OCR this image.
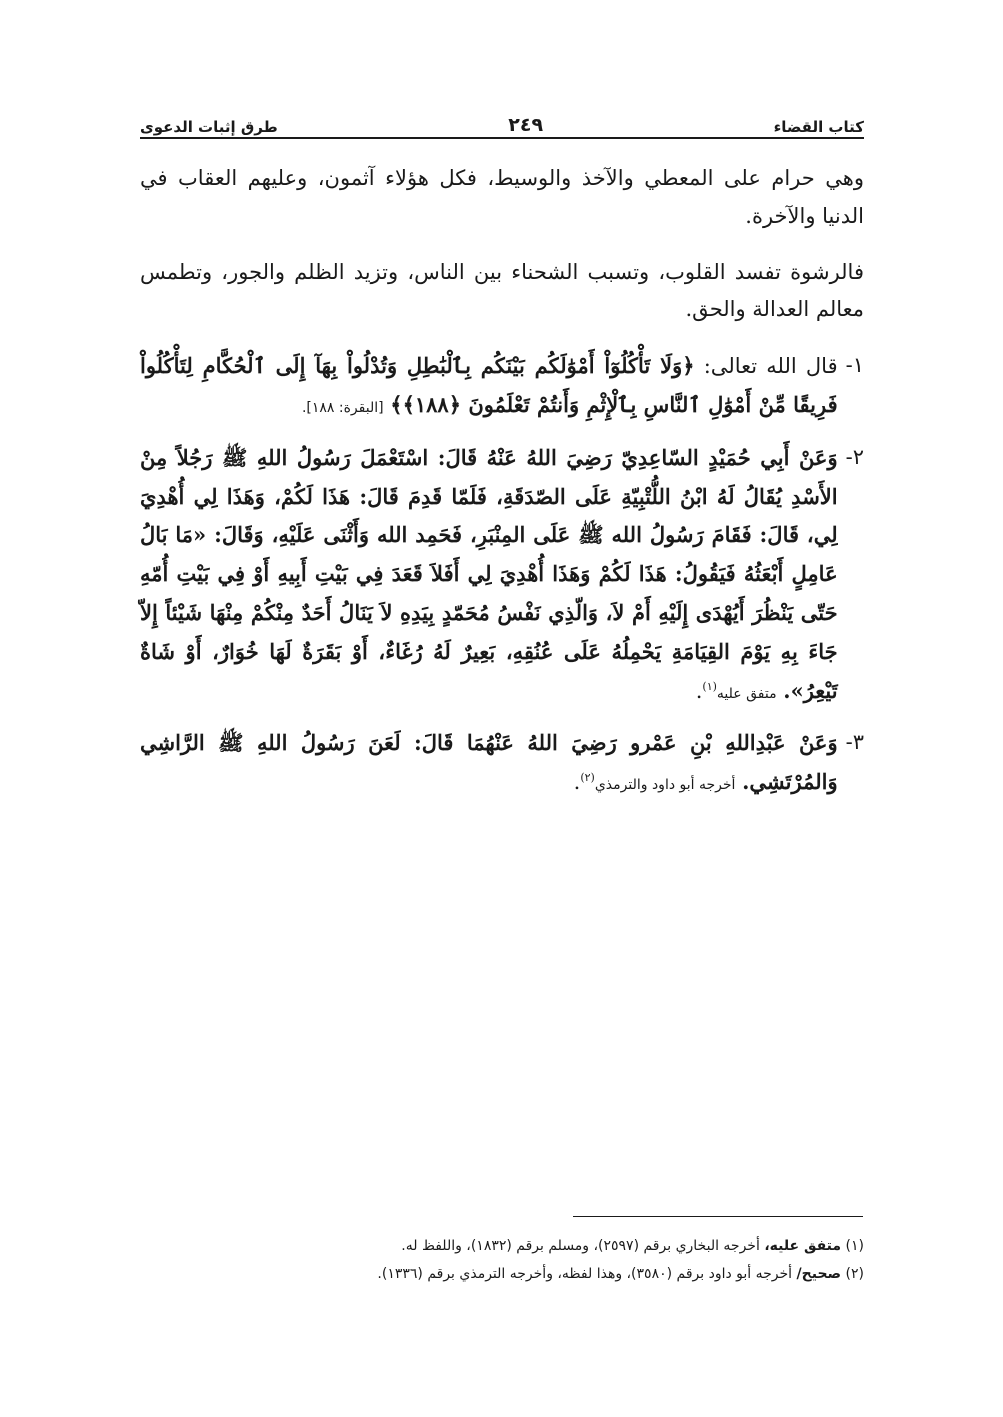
كتاب القضاء
٢٤٩
طرق إثبات الدعوى

وهي حرام على المعطي والآخذ والوسيط، فكل هؤلاء آثمون، وعليهم العقاب في الدنيا والآخرة.

فالرشوة تفسد القلوب، وتسبب الشحناء بين الناس، وتزيد الظلم والجور، وتطمس معالم العدالة والحق.

١-
قال الله تعالى: ﴿وَلَا تَأْكُلُوٓاْ أَمْوَٰلَكُم بَيْنَكُم بِٱلْبَٰطِلِ وَتُدْلُواْ بِهَآ إِلَى ٱلْحُكَّامِ لِتَأْكُلُواْ فَرِيقًا مِّنْ أَمْوَٰلِ ٱلنَّاسِ بِٱلْإِثْمِ وَأَنتُمْ تَعْلَمُونَ ﴿١٨٨﴾﴾ [البقرة: ١٨٨].
٢-
وَعَنْ أَبِي حُمَيْدٍ السّاعِدِيّ رَضِيَ اللهُ عَنْهُ قَالَ: اسْتَعْمَلَ رَسُولُ اللهِ ﷺ رَجُلاً مِنْ الأَسْدِ يُقَالُ لَهُ ابْنُ اللُّتْبِيّةِ عَلَى الصّدَقَةِ، فَلَمّا قَدِمَ قَالَ: هَذَا لَكُمْ، وَهَذَا لِي أُهْدِيَ لِي، قَالَ: فَقَامَ رَسُولُ الله ﷺ عَلَى المِنْبَرِ، فَحَمِد الله وَأَثْنَى عَلَيْهِ، وَقَالَ: «مَا بَالُ عَامِلٍ أَبْعَثُهُ فَيَقُولُ: هَذَا لَكُمْ وَهَذَا أُهْدِيَ لِي أَفَلاَ قَعَدَ فِي بَيْتِ أَبِيهِ أَوْ فِي بَيْتِ أُمّهِ حَتّى يَنْظُرَ أَيُهْدَى إِلَيْهِ أَمْ لاَ، وَالّذِي نَفْسُ مُحَمّدٍ بِيَدِهِ لاَ يَنَالُ أَحَدٌ مِنْكُمْ مِنْهَا شَيْئاً إِلاّ جَاءَ بِهِ يَوْمَ القِيَامَةِ يَحْمِلُهُ عَلَى عُنُقِهِ، بَعِيرٌ لَهُ رُغَاءٌ، أَوْ بَقَرَةٌ لَهَا خُوَارٌ، أَوْ شَاةٌ تَيْعِرُ». متفق عليه$^{(١)}$.
٣-
وَعَنْ عَبْدِاللهِ بْنِ عَمْرو رَضِيَ اللهُ عَنْهُمَا قَالَ: لَعَنَ رَسُولُ اللهِ ﷺ الرَّاشِي وَالمُرْتَشِي. أخرجه أبو داود والترمذي$^{(٢)}$.

(١) متفق عليه، أخرجه البخاري برقم (٢٥٩٧)، ومسلم برقم (١٨٣٢)، واللفظ له.

(٢) صحيح/ أخرجه أبو داود برقم (٣٥٨٠)، وهذا لفظه، وأخرجه الترمذي برقم (١٣٣٦).
